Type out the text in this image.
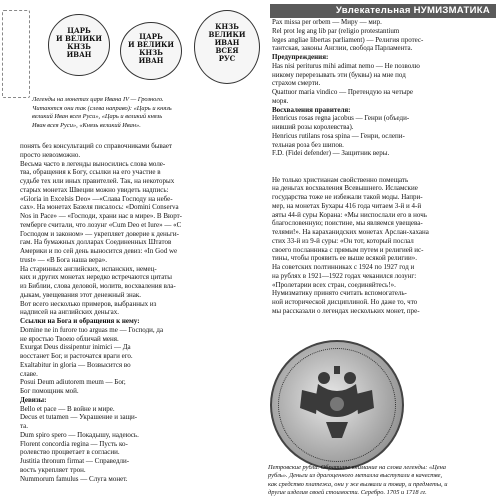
Увлекательная НУМИЗМАТИКА
ЦАРЬ
И ВЕЛИКИ
КНЗЬ
ИВАН
ЦАРЬ
И ВЕЛИКИ
КНЗЬ
ИВАН
КНЗЬ
ВЕЛИКИ
ИВАН
ВСЕЯ
РУС
Легенды на монетах царя Ивана IV — Грозного.
Читаются они так (слева направо): «Царь и князь
великий Иван всея Руси», «Царь и великий князь
Иван всея Руси», «Князь великий Иван».
понять без консультаций со справочниками бывает
просто невозможно.
Весьма часто в легенды выносились слова моле-
тва, обращения к Богу, ссылки на его участие в
судьбе тех или иных правителей. Так, на некоторых
старых монетах Швеции можно увидеть надпись:
«Gloria in Excelsis Deo» —«Слава Господу на небе-
сах». На монетах Базеля писалось: «Domini Conserva
Nos in Pace» — «Господи, храни нас в мире». В Вюрт-
темберге считали, что лозунг «Cum Deo et Iure» — «С
Господом и законом» — укрепляет доверие к деньги-
гам. На бумажных долларах Соединенных Штатов
Америки и по сей день выносится девиз: «In God we
trust» — «В Бога наша вера».
На старинных английских, испанских, немец-
ких и других монетах нередко встречаются цитаты
из Библии, слова деловой, молитв, восхваления вла-
дыкам, увещевания этот денежный знак.
Вот всего несколько примеров, выбранных из
надписей на английских деньгах.
Ссылки на Бога и обращения к нему:
Domine ne in furore tuo arguas me — Господи, да
не яростью Твоею обличай меня.
Exurgat Deus dissipentur inimici — Да
восстанет Бог, и расточатся враги его.
Exaltabitur in gloria — Возвысится во
славе.
Posui Deum adiutorem meum — Бог,
Бог помощник мой.
Девизы:
Bello et pace — В войне и мире.
Decus et tutamen — Украшение и защи-
та.
Dum spiro spero — Покадышу, надеюсь.
Florent concordia regina — Пусть ко-
ролевство процветает в согласии.
Justitia thronum firmat — Справедли-
вость укрепляет трон.
Nummorum famulus — Слуга монет.
Pax missa per orbem — Миру — мир.
Rel prot leg ang lib par (religio protestantium
leges angliae libertas parliament) — Религия протес-
тантская, законы Англии, свобода Парламента.
Предупреждения:
Has nisi periturus mihi adimat nemo — Не позволю
никому перерезывать эти (буквы) на мне под
страхом смерти.
Quattuor maria vindico — Претендую на четыре
моря.
Восхваления правителя:
Henricus rosas regna jacobus — Генри (объеди-
нивший розы королевства).
Henricus rutilans rosa spina — Генри, ослепи-
тельная роза без шипов.
F.D. (Fidei defender) — Защитник веры.

Не только христианам свойственно помещать
на деньгах восхваления Всевышнего. Исламские
государства тоже не избежали такой моды. Напри-
мер, на монетах Бухары 416 года читаем 3-й и 4-й
аяты 44-й суры Корана: «Мы ниспослали его в ночь
благословенную; поистине, мы являемся увещева-
телями!». На караханидских монетах Арслан-хахана
стих 33-й из 9-й суры: «Он тот, который послал
своего посланника с прямым путем и религией ис-
тины, чтобы проявить ее выше всякой религии».
На советских полтинниках с 1924 по 1927 год и
на рублях в 1921—1922 годах чеканился лозунг:
«Пролетарии всех стран, соединяйтесь!».
Нумизматику принято считать вспомогатель-
ной исторической дисциплиной. Но даже то, что
мы рассказали о легендах нескольких монет, пре-
Петровские рубли. Обратите внимание на слова легенды: «Цена
рубль». Деньги из драгоценного металла выступали в качестве,
как средство платежа, они у же вызвали и товар, и предметы, и
другие изделия своей стоимости. Серебро. 1705 и 1718 гг.
